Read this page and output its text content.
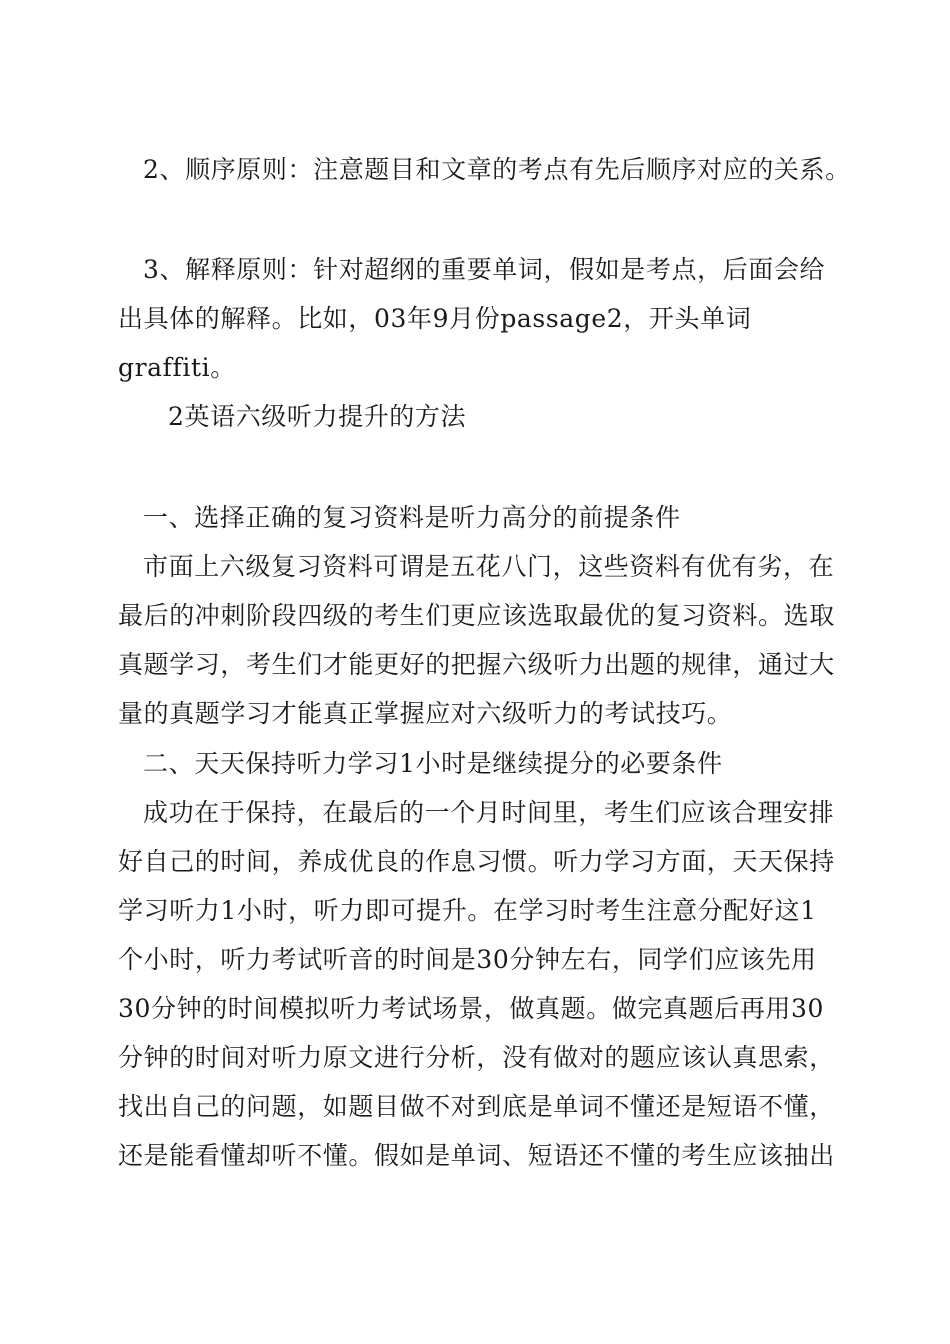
2、顺序原则：注意题目和文章的考点有先后顺序对应的关系。
3、解释原则：针对超纲的重要单词，假如是考点，后面会给
出具体的解释。比如，03年9月份passage2，开头单词
graffiti。
2英语六级听力提升的方法
一、选择正确的复习资料是听力高分的前提条件
市面上六级复习资料可谓是五花八门，这些资料有优有劣，在
最后的冲刺阶段四级的考生们更应该选取最优的复习资料。选取
真题学习，考生们才能更好的把握六级听力出题的规律，通过大
量的真题学习才能真正掌握应对六级听力的考试技巧。
二、天天保持听力学习1小时是继续提分的必要条件
成功在于保持，在最后的一个月时间里，考生们应该合理安排
好自己的时间，养成优良的作息习惯。听力学习方面，天天保持
学习听力1小时，听力即可提升。在学习时考生注意分配好这1
个小时，听力考试听音的时间是30分钟左右，同学们应该先用
30分钟的时间模拟听力考试场景，做真题。做完真题后再用30
分钟的时间对听力原文进行分析，没有做对的题应该认真思索，
找出自己的问题，如题目做不对到底是单词不懂还是短语不懂，
还是能看懂却听不懂。假如是单词、短语还不懂的考生应该抽出
